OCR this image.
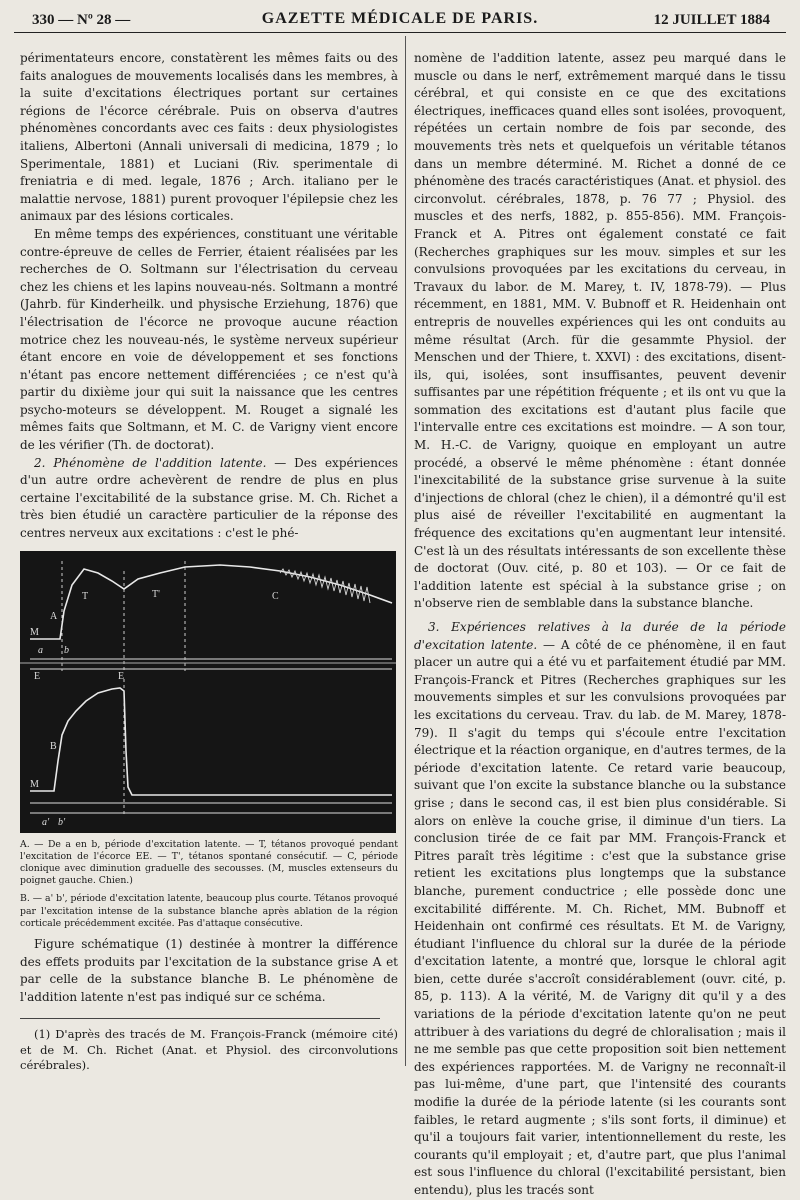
330 — Nº 28 —	GAZETTE MÉDICALE DE PARIS.	12 JUILLET 1884

périmentateurs encore, constatèrent les mêmes faits ou des faits analogues de mouvements localisés dans les membres, à la suite d'excitations électriques portant sur certaines régions de l'écorce cérébrale. Puis on observa d'autres phénomènes concordants avec ces faits : deux physiologistes italiens, Albertoni (Annali universali di medicina, 1879 ; lo Sperimentale, 1881) et Luciani (Riv. sperimentale di freniatria e di med. legale, 1876 ; Arch. italiano per le malattie nervose, 1881) purent provoquer l'épilepsie chez les animaux par des lésions corticales.

En même temps des expériences, constituant une véritable contre-épreuve de celles de Ferrier, étaient réalisées par les recherches de O. Soltmann sur l'électrisation du cerveau chez les chiens et les lapins nouveau-nés. Soltmann a montré (Jahrb. für Kinderheilk. und physische Erziehung, 1876) que l'électrisation de l'écorce ne provoque aucune réaction motrice chez les nouveau-nés, le système nerveux supérieur étant encore en voie de développement et ses fonctions n'étant pas encore nettement différenciées ; ce n'est qu'à partir du dixième jour qui suit la naissance que les centres psycho-moteurs se développent. M. Rouget a signalé les mêmes faits que Soltmann, et M. C. de Varigny vient encore de les vérifier (Th. de doctorat).

2. Phénomène de l'addition latente. — Des expériences d'un autre ordre achevèrent de rendre de plus en plus certaine l'excitabilité de la substance grise. M. Ch. Richet a très bien étudié un caractère particulier de la réponse des centres nerveux aux excitations : c'est le phé-

T	T'	C
A
M
a b
E	E
B
M
a' b'

A. — De a en b, période d'excitation latente. — T, tétanos provoqué pendant l'excitation de l'écorce EE. — T', tétanos spontané consécutif. — C, période clonique avec diminution graduelle des secousses. (M, muscles extenseurs du poignet gauche. Chien.)

B. — a' b', période d'excitation latente, beaucoup plus courte. Tétanos provoqué par l'excitation intense de la substance blanche après ablation de la région corticale précédemment excitée. Pas d'attaque consécutive.

Figure schématique (1) destinée à montrer la différence des effets produits par l'excitation de la substance grise A et par celle de la substance blanche B. Le phénomène de l'addition latente n'est pas indiqué sur ce schéma.

(1) D'après des tracés de M. François-Franck (mémoire cité) et de M. Ch. Richet (Anat. et Physiol. des circonvolutions cérébrales).

nomène de l'addition latente, assez peu marqué dans le muscle ou dans le nerf, extrêmement marqué dans le tissu cérébral, et qui consiste en ce que des excitations électriques, inefficaces quand elles sont isolées, provoquent, répétées un certain nombre de fois par seconde, des mouvements très nets et quelquefois un véritable tétanos dans un membre déterminé. M. Richet a donné de ce phénomène des tracés caractéristiques (Anat. et physiol. des circonvolut. cérébrales, 1878, p. 76 77 ; Physiol. des muscles et des nerfs, 1882, p. 855-856). MM. François-Franck et A. Pitres ont également constaté ce fait (Recherches graphiques sur les mouv. simples et sur les convulsions provoquées par les excitations du cerveau, in Travaux du labor. de M. Marey, t. IV, 1878-79). — Plus récemment, en 1881, MM. V. Bubnoff et R. Heidenhain ont entrepris de nouvelles expériences qui les ont conduits au même résultat (Arch. für die gesammte Physiol. der Menschen und der Thiere, t. XXVI) : des excitations, disent-ils, qui, isolées, sont insuffisantes, peuvent devenir suffisantes par une répétition fréquente ; et ils ont vu que la sommation des excitations est d'autant plus facile que l'intervalle entre ces excitations est moindre. — A son tour, M. H.-C. de Varigny, quoique en employant un autre procédé, a observé le même phénomène : étant donnée l'inexcitabilité de la substance grise survenue à la suite d'injections de chloral (chez le chien), il a démontré qu'il est plus aisé de réveiller l'excitabilité en augmentant la fréquence des excitations qu'en augmentant leur intensité. C'est là un des résultats intéressants de son excellente thèse de doctorat (Ouv. cité, p. 80 et 103). — Or ce fait de l'addition latente est spécial à la substance grise ; on n'observe rien de semblable dans la substance blanche.

3. Expériences relatives à la durée de la période d'excitation latente. — A côté de ce phénomène, il en faut placer un autre qui a été vu et parfaitement étudié par MM. François-Franck et Pitres (Recherches graphiques sur les mouvements simples et sur les convulsions provoquées par les excitations du cerveau. Trav. du lab. de M. Marey, 1878-79). Il s'agit du temps qui s'écoule entre l'excitation électrique et la réaction organique, en d'autres termes, de la période d'excitation latente. Ce retard varie beaucoup, suivant que l'on excite la substance blanche ou la substance grise ; dans le second cas, il est bien plus considérable. Si alors on enlève la couche grise, il diminue d'un tiers. La conclusion tirée de ce fait par MM. François-Franck et Pitres paraît très légitime : c'est que la substance grise retient les excitations plus longtemps que la substance blanche, purement conductrice ; elle possède donc une excitabilité différente. M. Ch. Richet, MM. Bubnoff et Heidenhain ont confirmé ces résultats. Et M. de Varigny, étudiant l'influence du chloral sur la durée de la période d'excitation latente, a montré que, lorsque le chloral agit bien, cette durée s'accroît considérablement (ouvr. cité, p. 85, p. 113). A la vérité, M. de Varigny dit qu'il y a des variations de la période d'excitation latente qu'on ne peut attribuer à des variations du degré de chloralisation ; mais il ne me semble pas que cette proposition soit bien nettement des expériences rapportées. M. de Varigny ne reconnaît-il pas lui-même, d'une part, que l'intensité des courants modifie la durée de la période latente (si les courants sont faibles, le retard augmente ; s'ils sont forts, il diminue) et qu'il a toujours fait varier, intentionnellement du reste, les courants qu'il employait ; et, d'autre part, que plus l'animal est sous l'influence du chloral (l'excitabilité persistant, bien entendu), plus les tracés sont
